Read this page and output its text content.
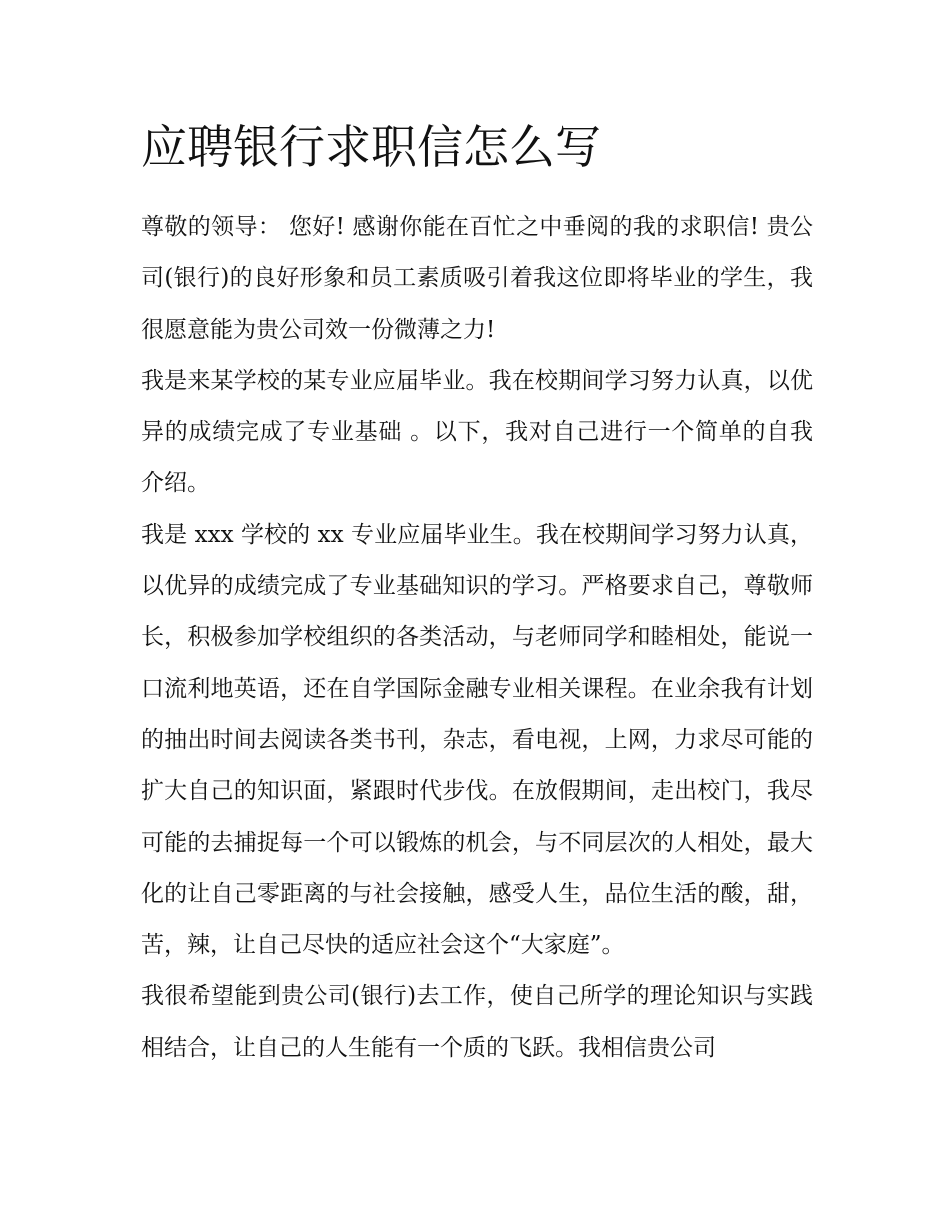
应聘银行求职信怎么写

尊敬的领导： 您好! 感谢你能在百忙之中垂阅的我的求职信! 贵公司(银行)的良好形象和员工素质吸引着我这位即将毕业的学生，我很愿意能为贵公司效一份微薄之力!

我是来某学校的某专业应届毕业。我在校期间学习努力认真，以优异的成绩完成了专业基础 。以下，我对自己进行一个简单的自我介绍。

我是 xxx 学校的 xx 专业应届毕业生。我在校期间学习努力认真，以优异的成绩完成了专业基础知识的学习。严格要求自己，尊敬师长，积极参加学校组织的各类活动，与老师同学和睦相处，能说一口流利地英语，还在自学国际金融专业相关课程。在业余我有计划的抽出时间去阅读各类书刊，杂志，看电视，上网，力求尽可能的扩大自己的知识面，紧跟时代步伐。在放假期间，走出校门，我尽可能的去捕捉每一个可以锻炼的机会，与不同层次的人相处，最大化的让自己零距离的与社会接触，感受人生，品位生活的酸，甜，苦，辣，让自己尽快的适应社会这个“大家庭”。

我很希望能到贵公司(银行)去工作，使自己所学的理论知识与实践相结合，让自己的人生能有一个质的飞跃。我相信贵公司
